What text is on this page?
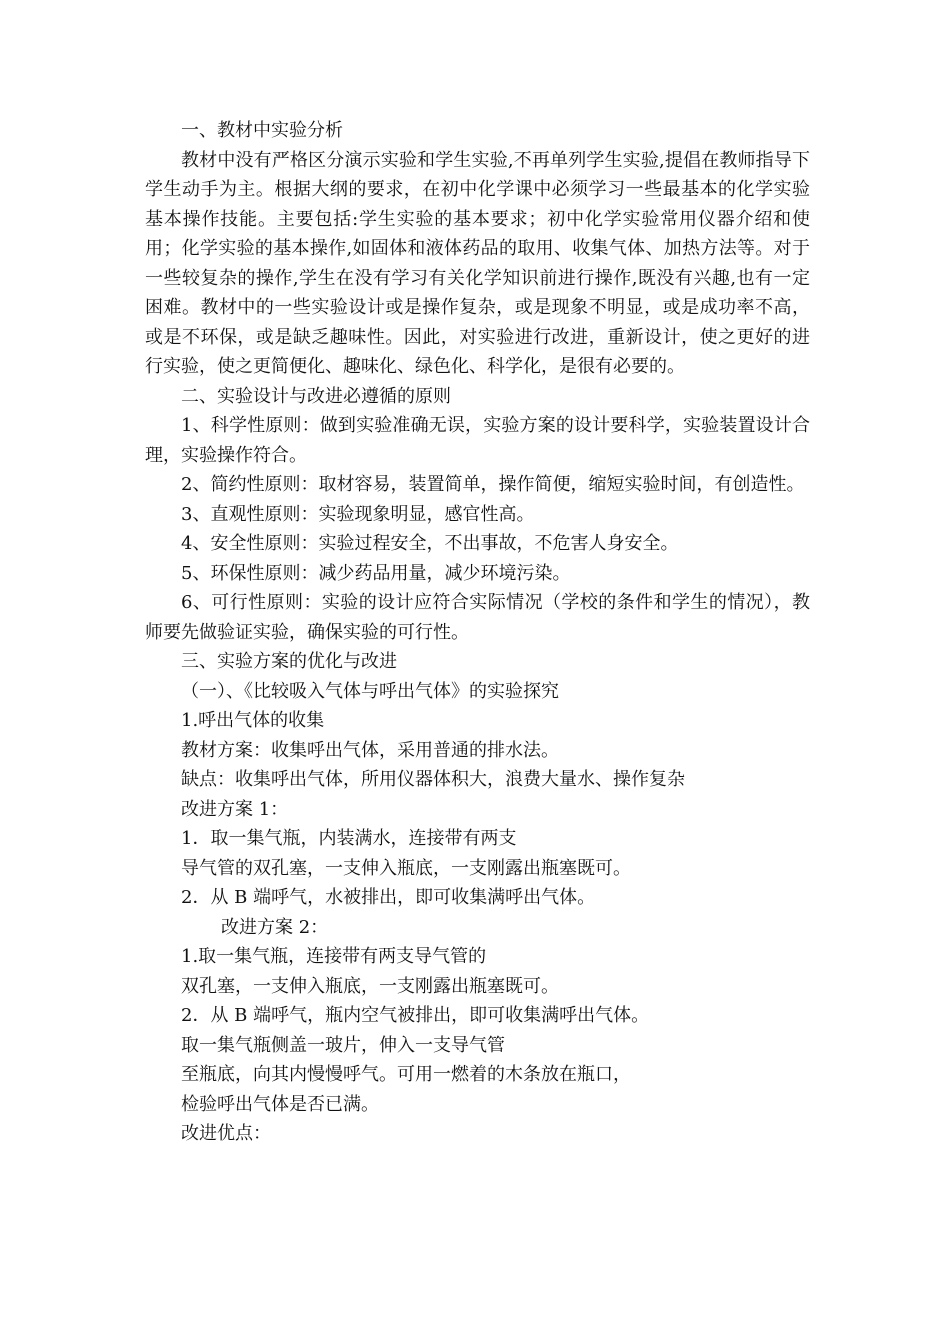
一、教材中实验分析

教材中没有严格区分演示实验和学生实验,不再单列学生实验,提倡在教师指导下学生动手为主。根据大纲的要求，在初中化学课中必须学习一些最基本的化学实验基本操作技能。主要包括:学生实验的基本要求；初中化学实验常用仪器介绍和使用；化学实验的基本操作,如固体和液体药品的取用、收集气体、加热方法等。对于一些较复杂的操作,学生在没有学习有关化学知识前进行操作,既没有兴趣,也有一定困难。教材中的一些实验设计或是操作复杂，或是现象不明显，或是成功率不高，或是不环保，或是缺乏趣味性。因此，对实验进行改进，重新设计，使之更好的进行实验，使之更简便化、趣味化、绿色化、科学化，是很有必要的。

二、实验设计与改进必遵循的原则

1、科学性原则：做到实验准确无误，实验方案的设计要科学，实验装置设计合理，实验操作符合。

2、简约性原则：取材容易，装置简单，操作简便，缩短实验时间，有创造性。

3、直观性原则：实验现象明显，感官性高。

4、安全性原则：实验过程安全，不出事故，不危害人身安全。

5、环保性原则：减少药品用量，减少环境污染。

6、可行性原则：实验的设计应符合实际情况（学校的条件和学生的情况），教师要先做验证实验，确保实验的可行性。

三、实验方案的优化与改进

（一）、《比较吸入气体与呼出气体》的实验探究

1.呼出气体的收集

教材方案：收集呼出气体，采用普通的排水法。

缺点：收集呼出气体，所用仪器体积大，浪费大量水、操作复杂

改进方案 1：

1．取一集气瓶，内装满水，连接带有两支

导气管的双孔塞，一支伸入瓶底，一支刚露出瓶塞既可。

2．从 B 端呼气，水被排出，即可收集满呼出气体。

改进方案 2：

1.取一集气瓶，连接带有两支导气管的

双孔塞，一支伸入瓶底，一支刚露出瓶塞既可。

2．从 B 端呼气，瓶内空气被排出，即可收集满呼出气体。

取一集气瓶侧盖一玻片，伸入一支导气管

至瓶底，向其内慢慢呼气。可用一燃着的木条放在瓶口，

检验呼出气体是否已满。

改进优点：
